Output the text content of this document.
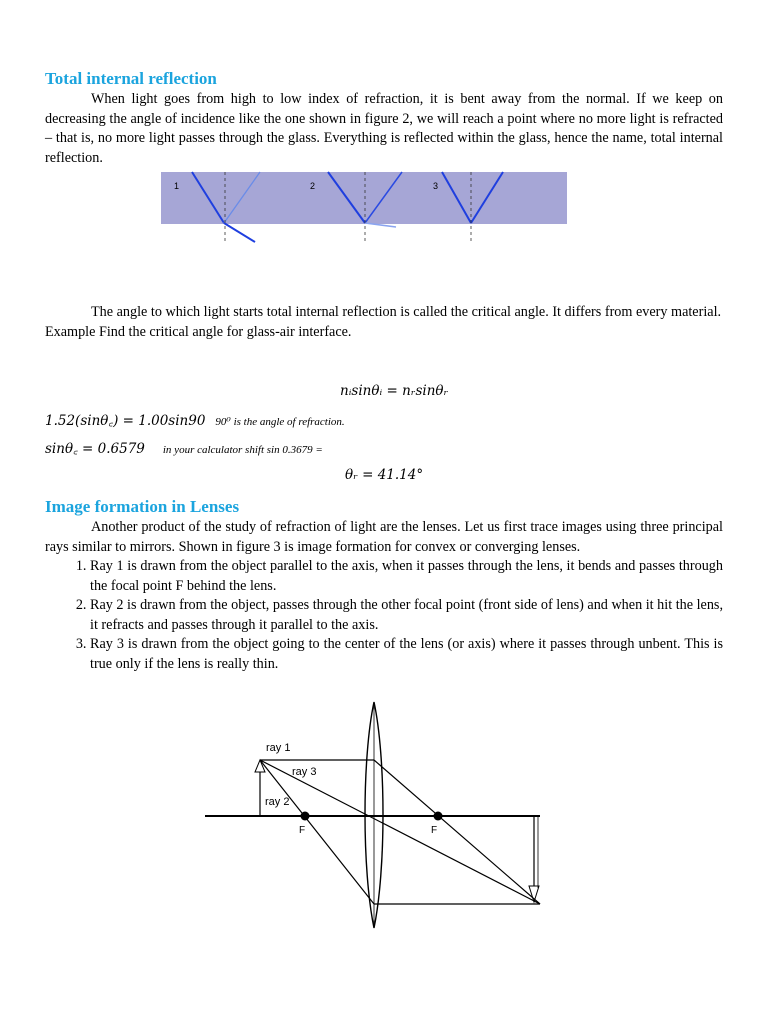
Total internal reflection

When light goes from high to low index of refraction, it is bent away from the normal. If we keep on decreasing the angle of incidence like the one shown in figure 2, we will reach a point where no more light is refracted – that is, no more light passes through the glass. Everything is reflected within the glass, hence the name, total internal reflection.

1	2	3

The angle to which light starts total internal reflection is called the critical angle. It differs from every material.

Example Find the critical angle for glass-air interface.

nᵢsinθᵢ = nᵣsinθᵣ
1.52(sinθ꜀) = 1.00sin90 90⁰ is the angle of refraction.
sinθ꜀ = 0.6579 in your calculator shift sin 0.3679 =
θᵣ = 41.14°
Image formation in Lenses

Another product of the study of refraction of light are the lenses. Let us first trace images using three principal rays similar to mirrors. Shown in figure 3 is image formation for convex or converging lenses.

1. Ray 1 is drawn from the object parallel to the axis, when it passes through the lens, it bends and passes through the focal point F behind the lens.
2. Ray 2 is drawn from the object, passes through the other focal point (front side of lens) and when it hit the lens, it refracts and passes through it parallel to the axis.
3. Ray 3 is drawn from the object going to the center of the lens (or axis) where it passes through unbent. This is true only if the lens is really thin.
ray 1
ray 3
ray 2
F	F
